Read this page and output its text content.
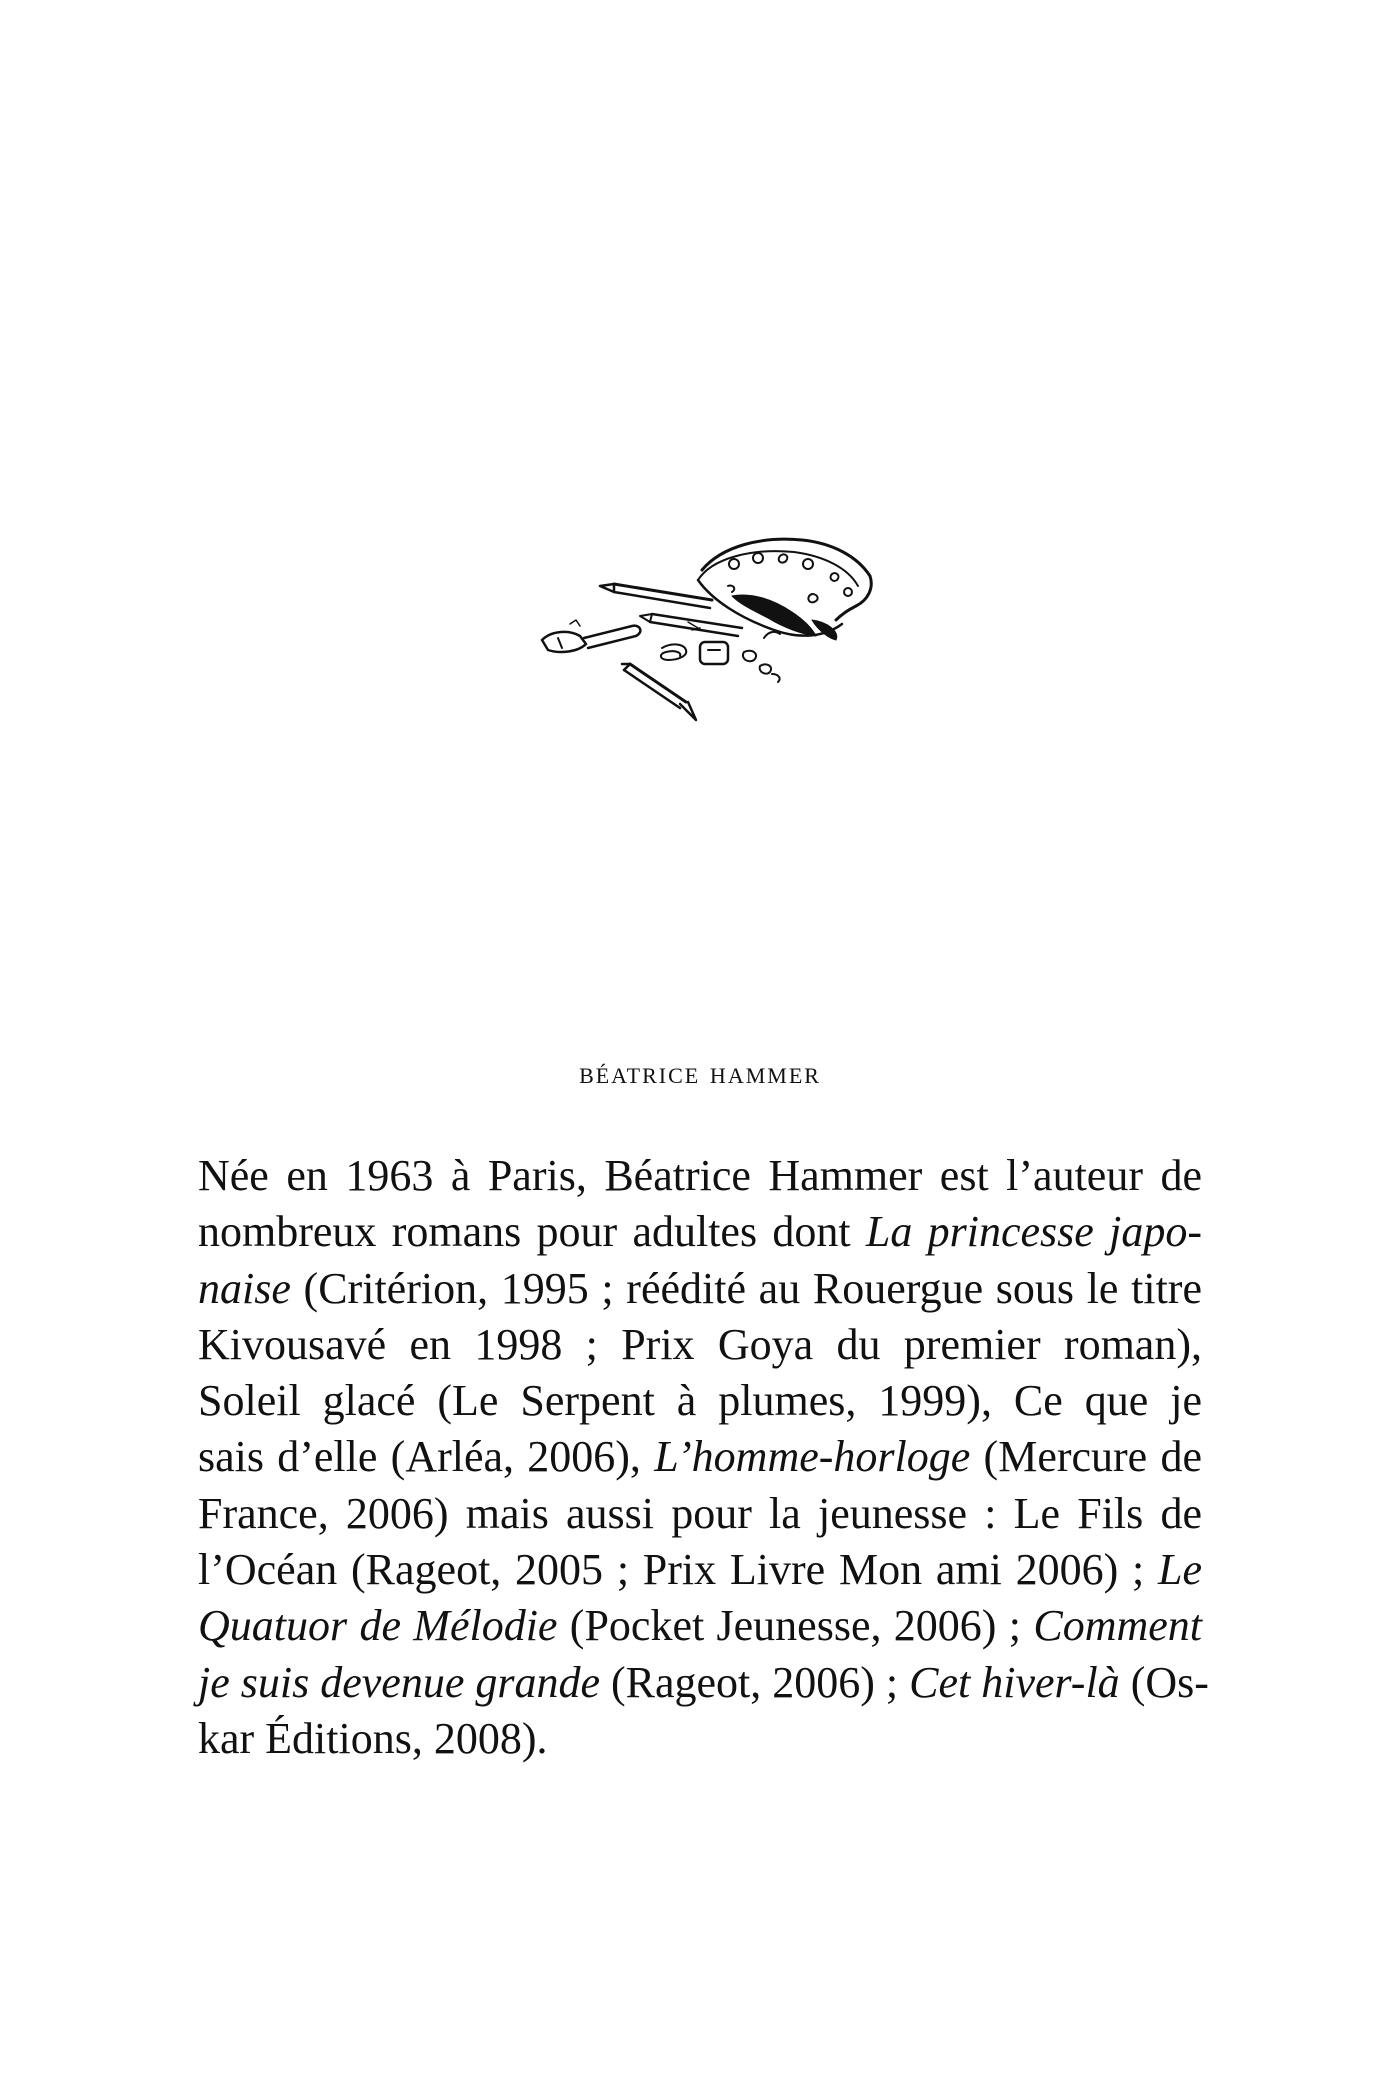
béatrice hammer
Née en 1963 à Paris, Béatrice Hammer est l’auteur de
nombreux romans pour adultes dont La princesse japo-
naise (Critérion, 1995 ; réédité au Rouergue sous le titre
Kivousavé en 1998 ; Prix Goya du premier roman),
Soleil glacé (Le Serpent à plumes, 1999), Ce que je
sais d’elle (Arléa, 2006), L’homme-horloge (Mercure de
France, 2006) mais aussi pour la jeunesse : Le Fils de
l’Océan (Rageot, 2005 ; Prix Livre Mon ami 2006) ; Le
Quatuor de Mélodie (Pocket Jeunesse, 2006) ; Comment
je suis devenue grande (Rageot, 2006) ; Cet hiver-là (Os-
kar Éditions, 2008).
